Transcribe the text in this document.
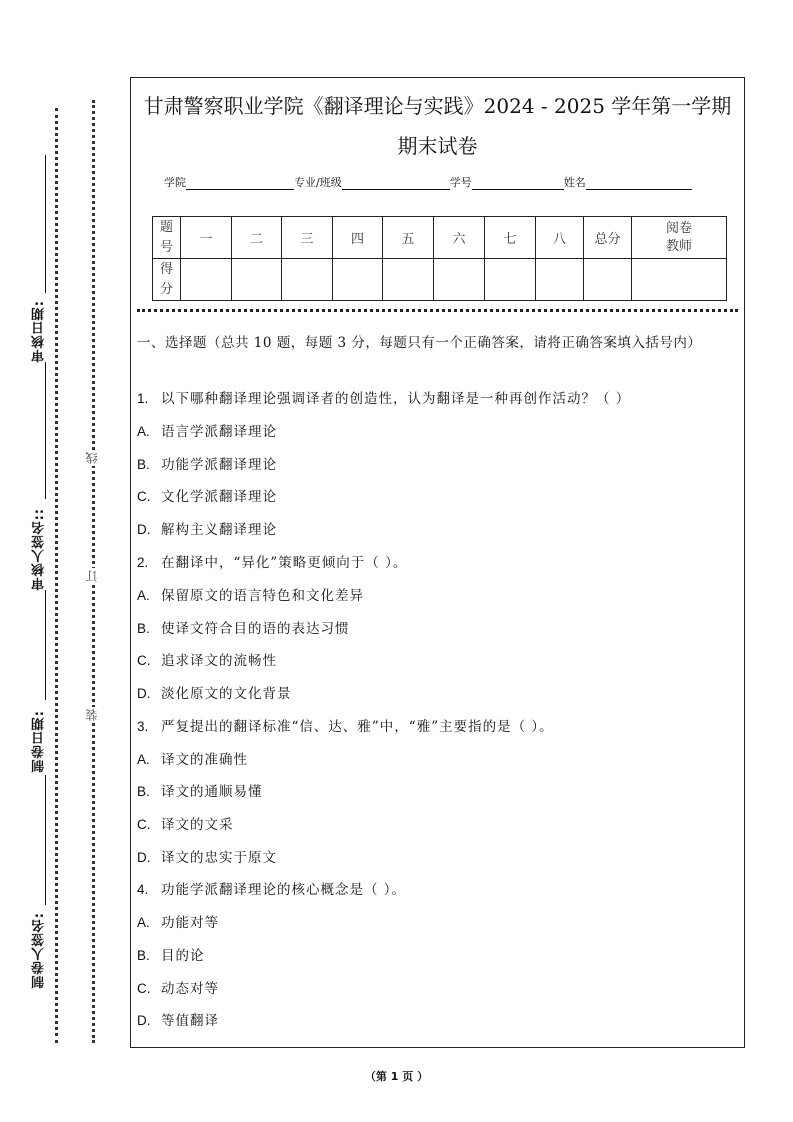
审核日期:
审核人签名::
制卷日期:
制卷人签名:
线
订
装
甘肃警察职业学院《翻译理论与实践》2024 - 2025 学年第一学期
期末试卷
学院	专业/班级	学号	姓名
题号	一	二	三	四	五	六	七	八	总分	阅卷教师
得分										
一、选择题（总共 10 题，每题 3 分，每题只有一个正确答案，请将正确答案填入括号内）
1. 以下哪种翻译理论强调译者的创造性，认为翻译是一种再创作活动？（ ）
A. 语言学派翻译理论
B. 功能学派翻译理论
C. 文化学派翻译理论
D. 解构主义翻译理论
2. 在翻译中，“异化”策略更倾向于（ ）。
A. 保留原文的语言特色和文化差异
B. 使译文符合目的语的表达习惯
C. 追求译文的流畅性
D. 淡化原文的文化背景
3. 严复提出的翻译标准“信、达、雅”中，“雅”主要指的是（ ）。
A. 译文的准确性
B. 译文的通顺易懂
C. 译文的文采
D. 译文的忠实于原文
4. 功能学派翻译理论的核心概念是（ ）。
A. 功能对等
B. 目的论
C. 动态对等
D. 等值翻译
（第 1 页 ）
